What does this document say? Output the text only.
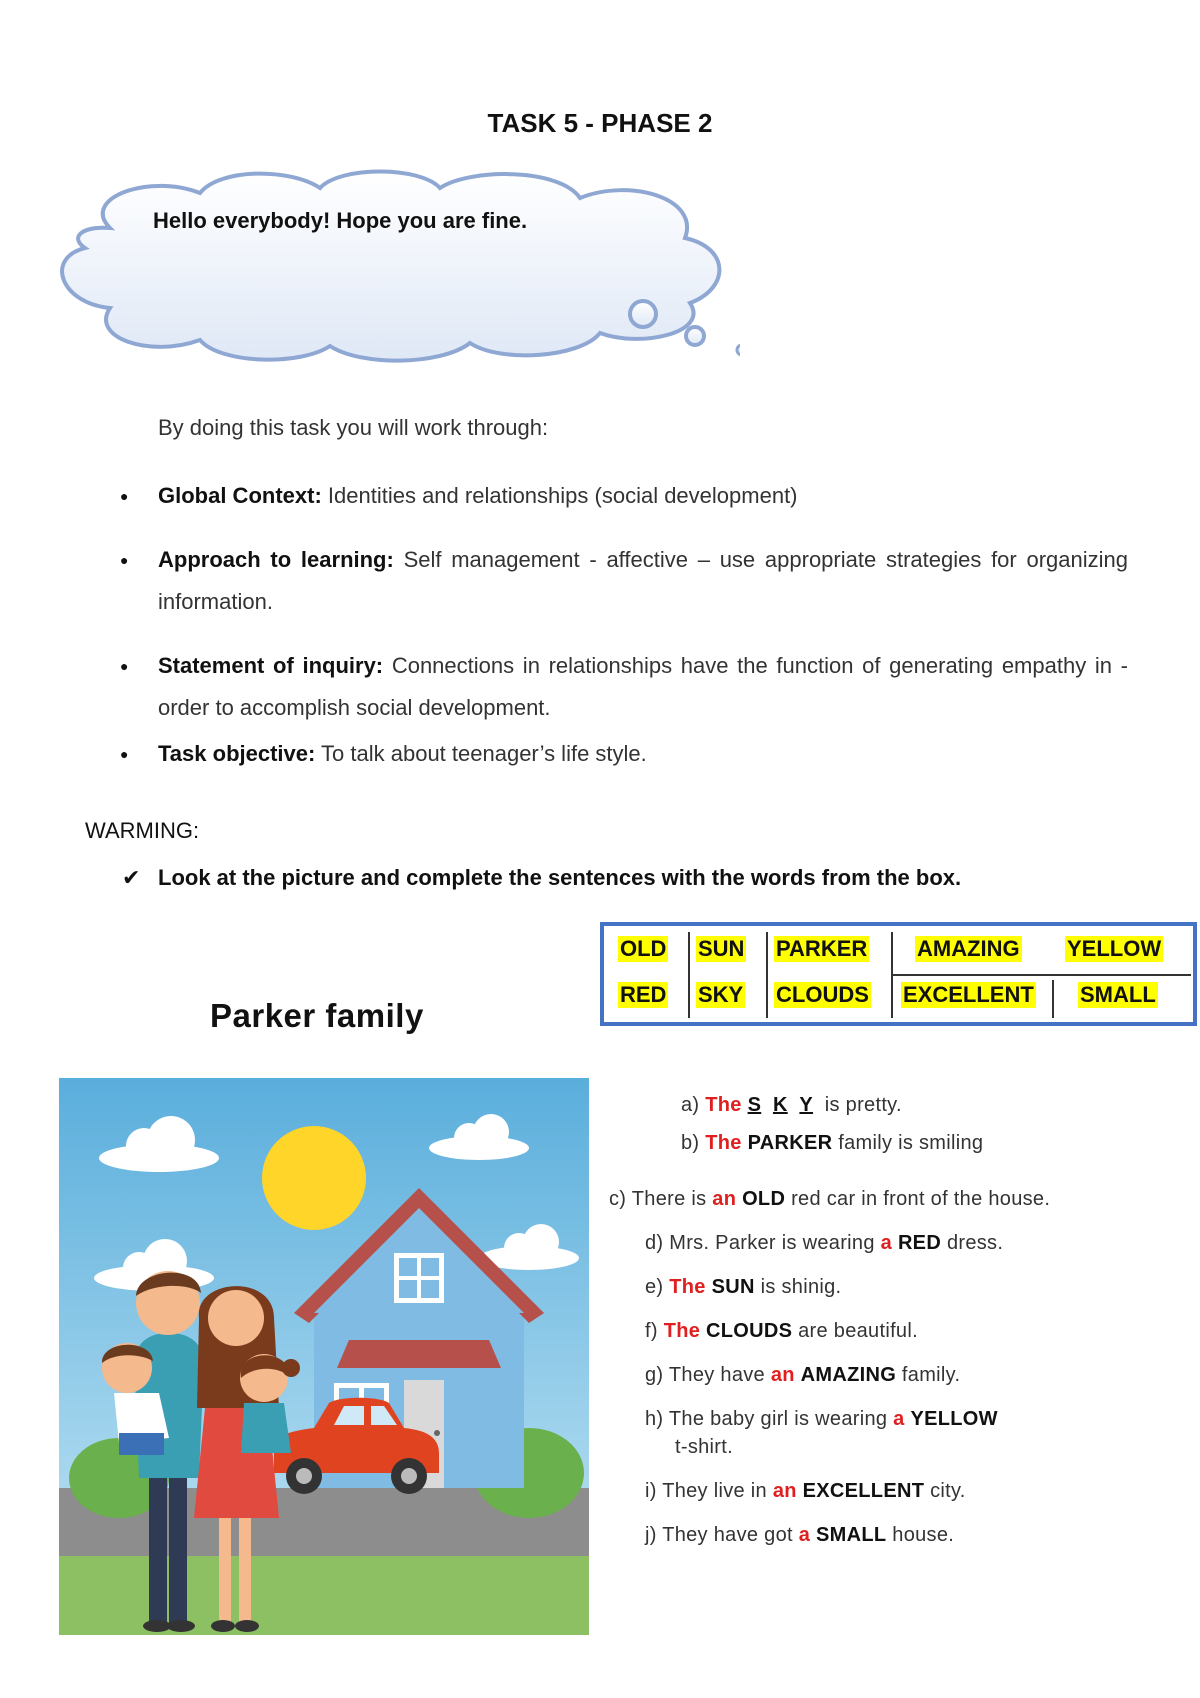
TASK 5 - PHASE 2
Hello everybody! Hope you are fine.
By doing this task you will work through:
● Global Context: Identities and relationships (social development)
● Approach to learning: Self management - affective – use appropriate strategies for organizing information.
● Statement of inquiry: Connections in relationships have the function of generating empathy in -order to accomplish social development.
● Task objective: To talk about teenager’s life style.
WARMING:
✔ Look at the picture and complete the sentences with the words from the box.
OLD SUN PARKER AMAZING YELLOW
RED SKY CLOUDS EXCELLENT SMALL
Parker family
a) The S K Y is pretty.
b) The PARKER family is smiling
c) There is an OLD red car in front of the house.
d) Mrs. Parker is wearing a RED dress.
e) The SUN is shinig.
f) The CLOUDS are beautiful.
g) They have an AMAZING family.
h) The baby girl is wearing a YELLOW
t-shirt.
i) They live in an EXCELLENT city.
j) They have got a SMALL house.
